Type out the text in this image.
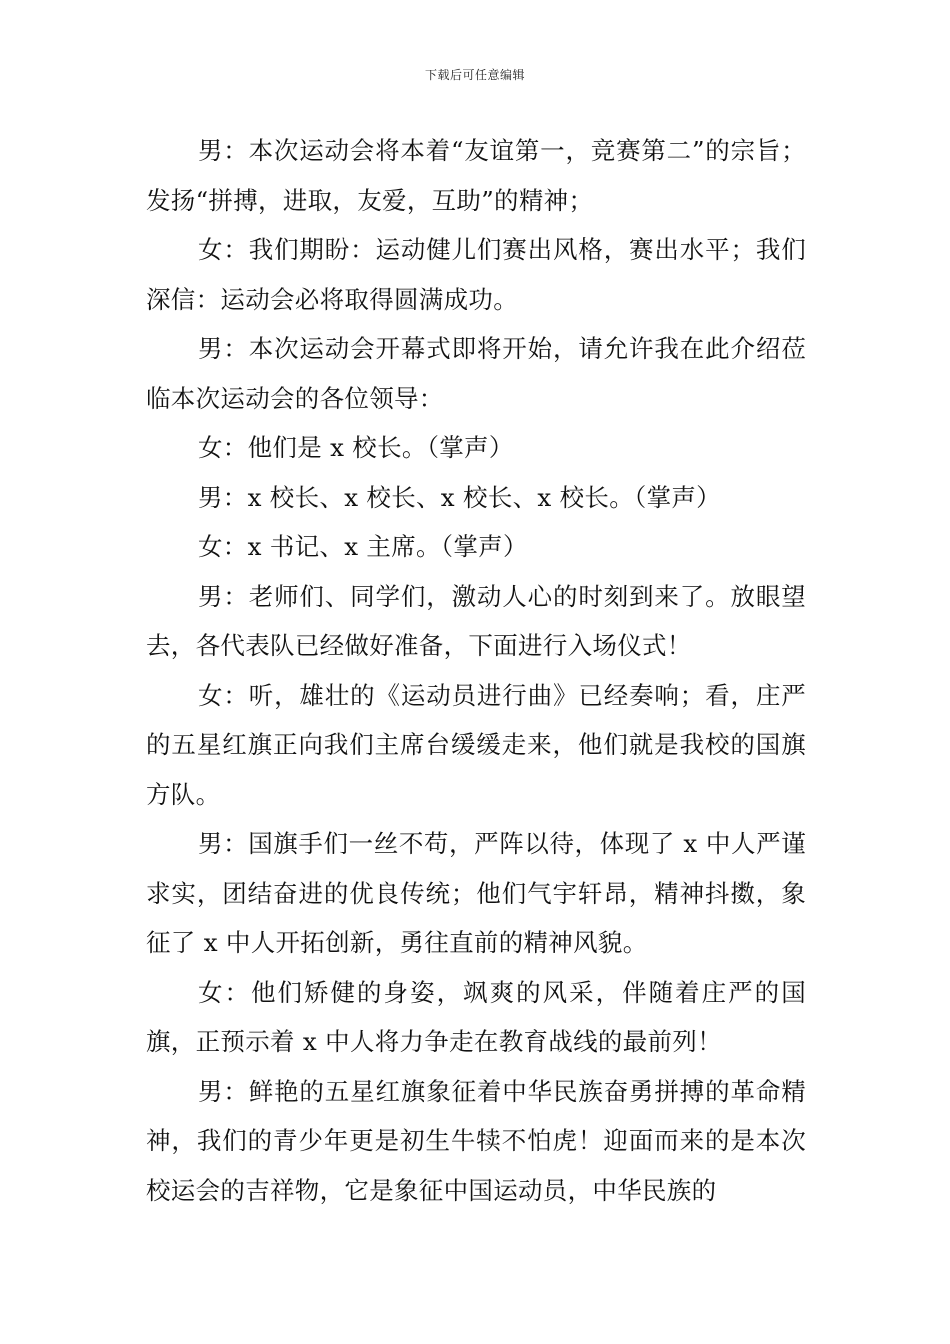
下载后可任意编辑

男：本次运动会将本着“友谊第一，竞赛第二”的宗旨；发扬“拼搏，进取，友爱，互助”的精神；

女：我们期盼：运动健儿们赛出风格，赛出水平；我们深信：运动会必将取得圆满成功。

男：本次运动会开幕式即将开始，请允许我在此介绍莅临本次运动会的各位领导：

女：他们是 x 校长。（掌声）

男：x 校长、x 校长、x 校长、x 校长。（掌声）

女：x 书记、x 主席。（掌声）

男：老师们、同学们，激动人心的时刻到来了。放眼望去，各代表队已经做好准备，下面进行入场仪式！

女：听，雄壮的《运动员进行曲》已经奏响；看，庄严的五星红旗正向我们主席台缓缓走来，他们就是我校的国旗方队。

男：国旗手们一丝不苟，严阵以待，体现了 x 中人严谨求实，团结奋进的优良传统；他们气宇轩昂，精神抖擞，象征了 x 中人开拓创新，勇往直前的精神风貌。

女：他们矫健的身姿，飒爽的风采，伴随着庄严的国旗，正预示着 x 中人将力争走在教育战线的最前列！

男：鲜艳的五星红旗象征着中华民族奋勇拼搏的革命精神，我们的青少年更是初生牛犊不怕虎！迎面而来的是本次校运会的吉祥物，它是象征中国运动员，中华民族的
